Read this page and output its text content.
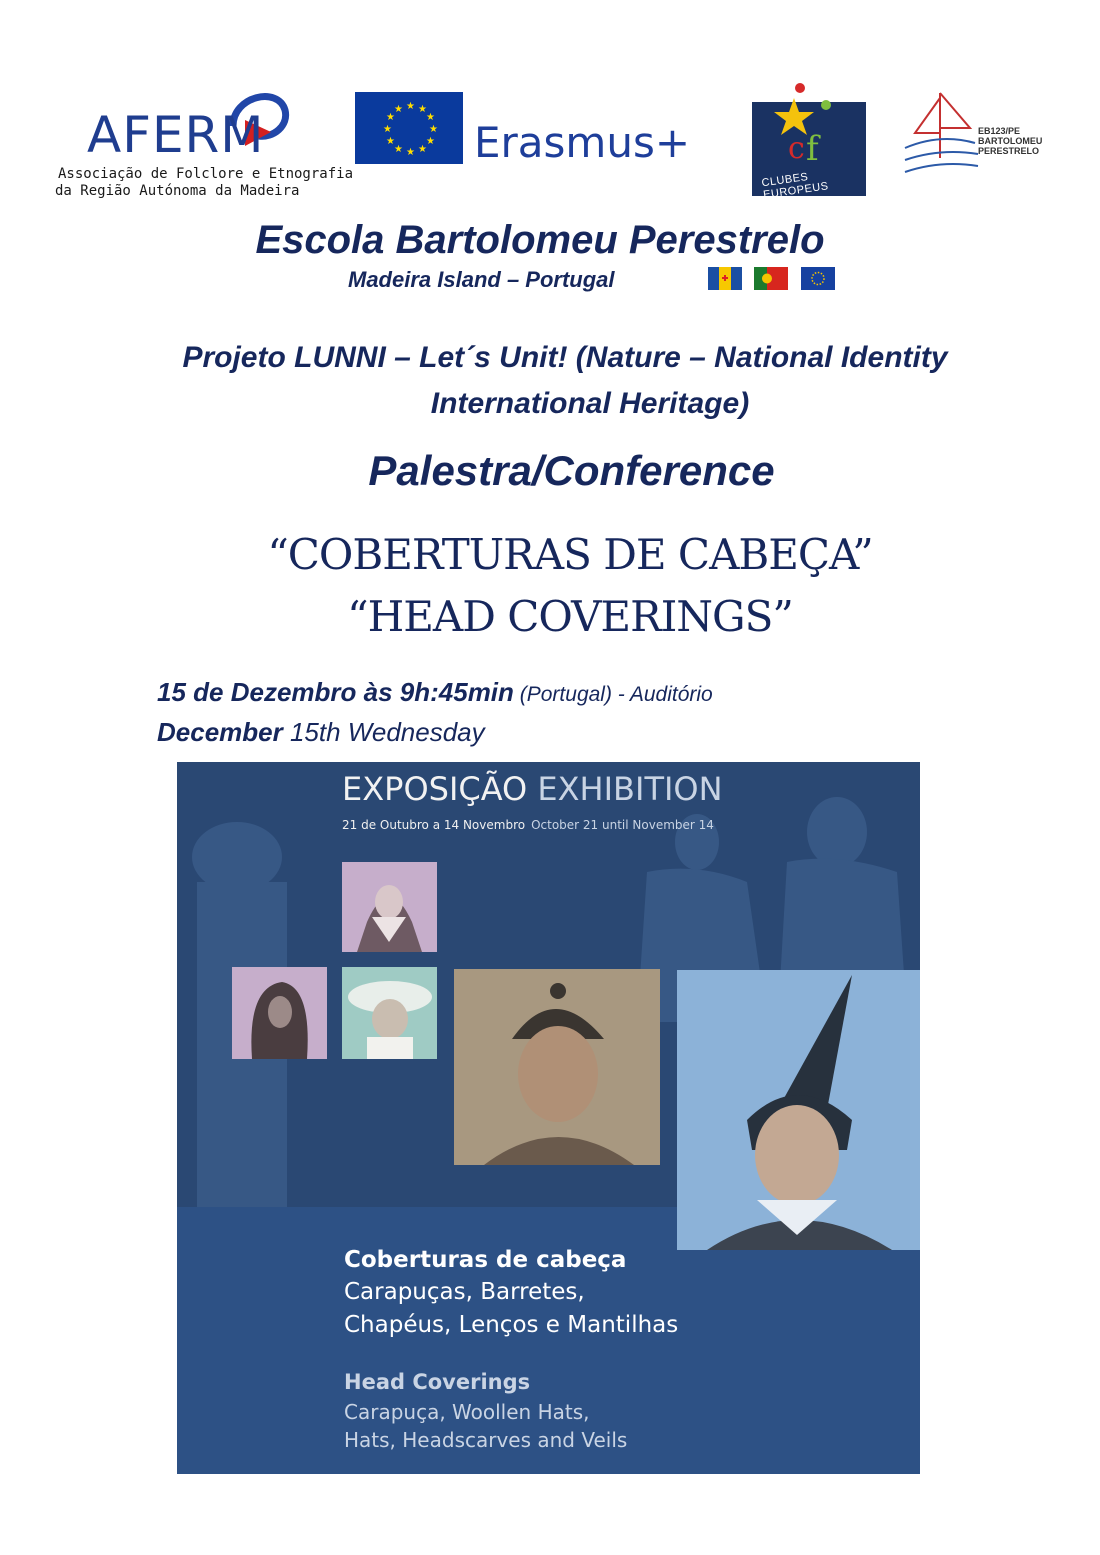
AFERM
Associação de Folclore e Etnografia
da Região Autónoma da Madeira
★ ★
★
★
★
★
★
★
★
★
★
★
Erasmus+	f
c
CLUBES EUROPEUS
EB123/PE
BARTOLOMEU
PERESTRELO
Escola Bartolomeu Perestrelo
Madeira Island – Portugal
Projeto LUNNI – Let´s Unit! (Nature – National Identity
International Heritage)
Palestra/Conference
“COBERTURAS DE CABEÇA”
“HEAD COVERINGS”
15 de Dezembro às 9h:45min (Portugal) - Auditório
December 15th Wednesday
EXPOSIÇÃO EXHIBITION
21 de Outubro a 14 Novembro October 21 until November 14
Coberturas de cabeça
Carapuças, Barretes,
Chapéus, Lenços e Mantilhas
Head Coverings
Carapuça, Woollen Hats,
Hats, Headscarves and Veils
